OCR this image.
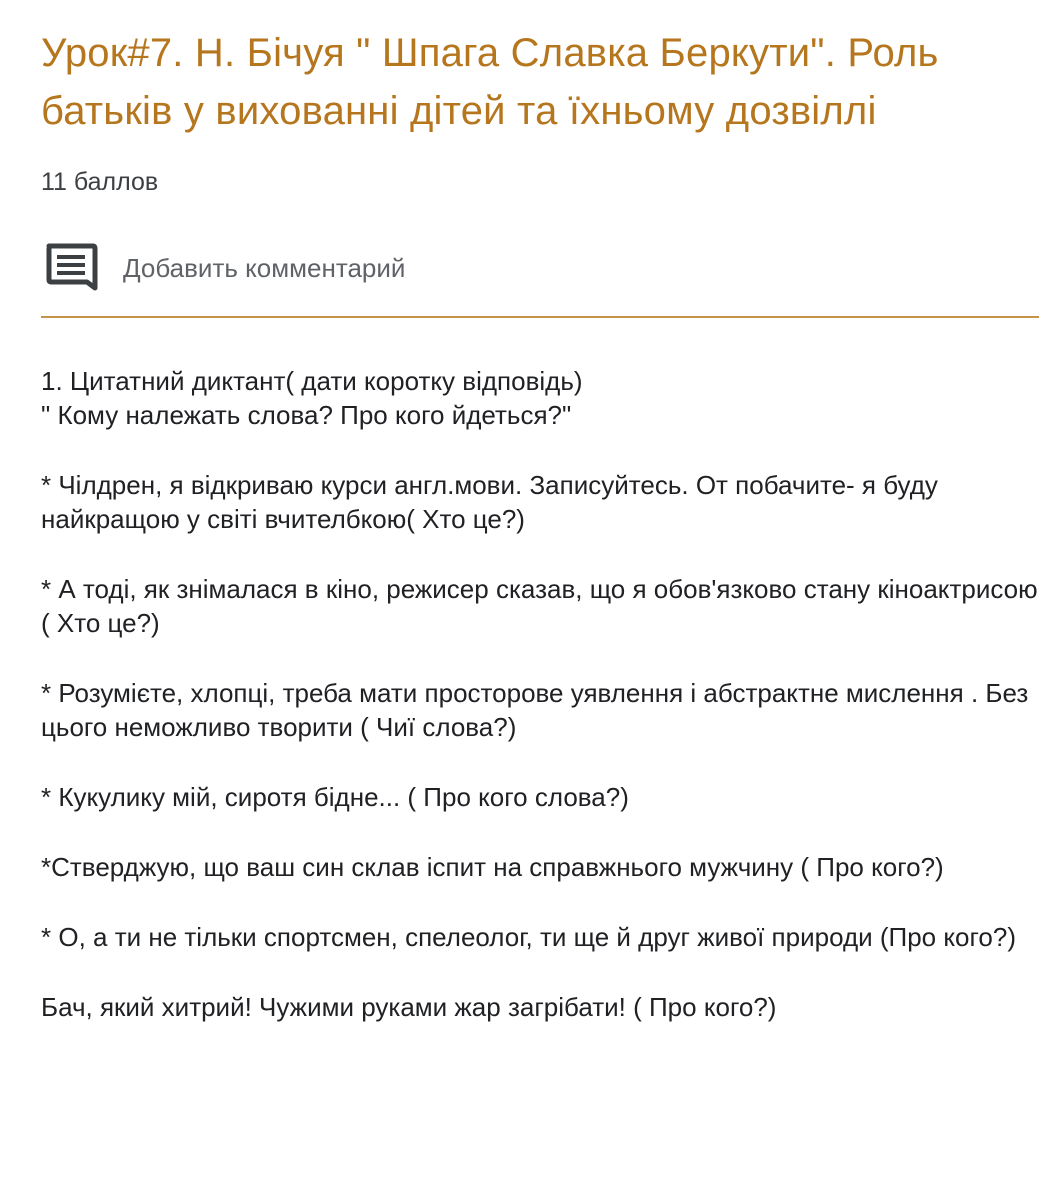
Урок#7. Н. Бічуя " Шпага Славка Беркути". Роль батьків у вихованні дітей та їхньому дозвіллі
11 баллов
Добавить комментарий

1. Цитатний диктант( дати коротку відповідь)
" Кому належать слова? Про кого йдеться?"

* Чілдрен, я відкриваю курси англ.мови. Записуйтесь. От побачите- я буду найкращою у світі вчителбкою( Хто це?)

* А тоді, як знімалася в кіно, режисер сказав, що я обов'язково стану кіноактрисою ( Хто це?)

* Розумієте, хлопці, треба мати просторове уявлення і абстрактне мислення . Без цього неможливо творити ( Чиї слова?)

* Кукулику мій, сиротя бідне... ( Про кого слова?)

*Стверджую, що ваш син склав іспит на справжнього мужчину ( Про кого?)

* О, а ти не тільки спортсмен, спелеолог, ти ще й друг живої природи (Про кого?)

Бач, який хитрий! Чужими руками жар загрібати! ( Про кого?)
